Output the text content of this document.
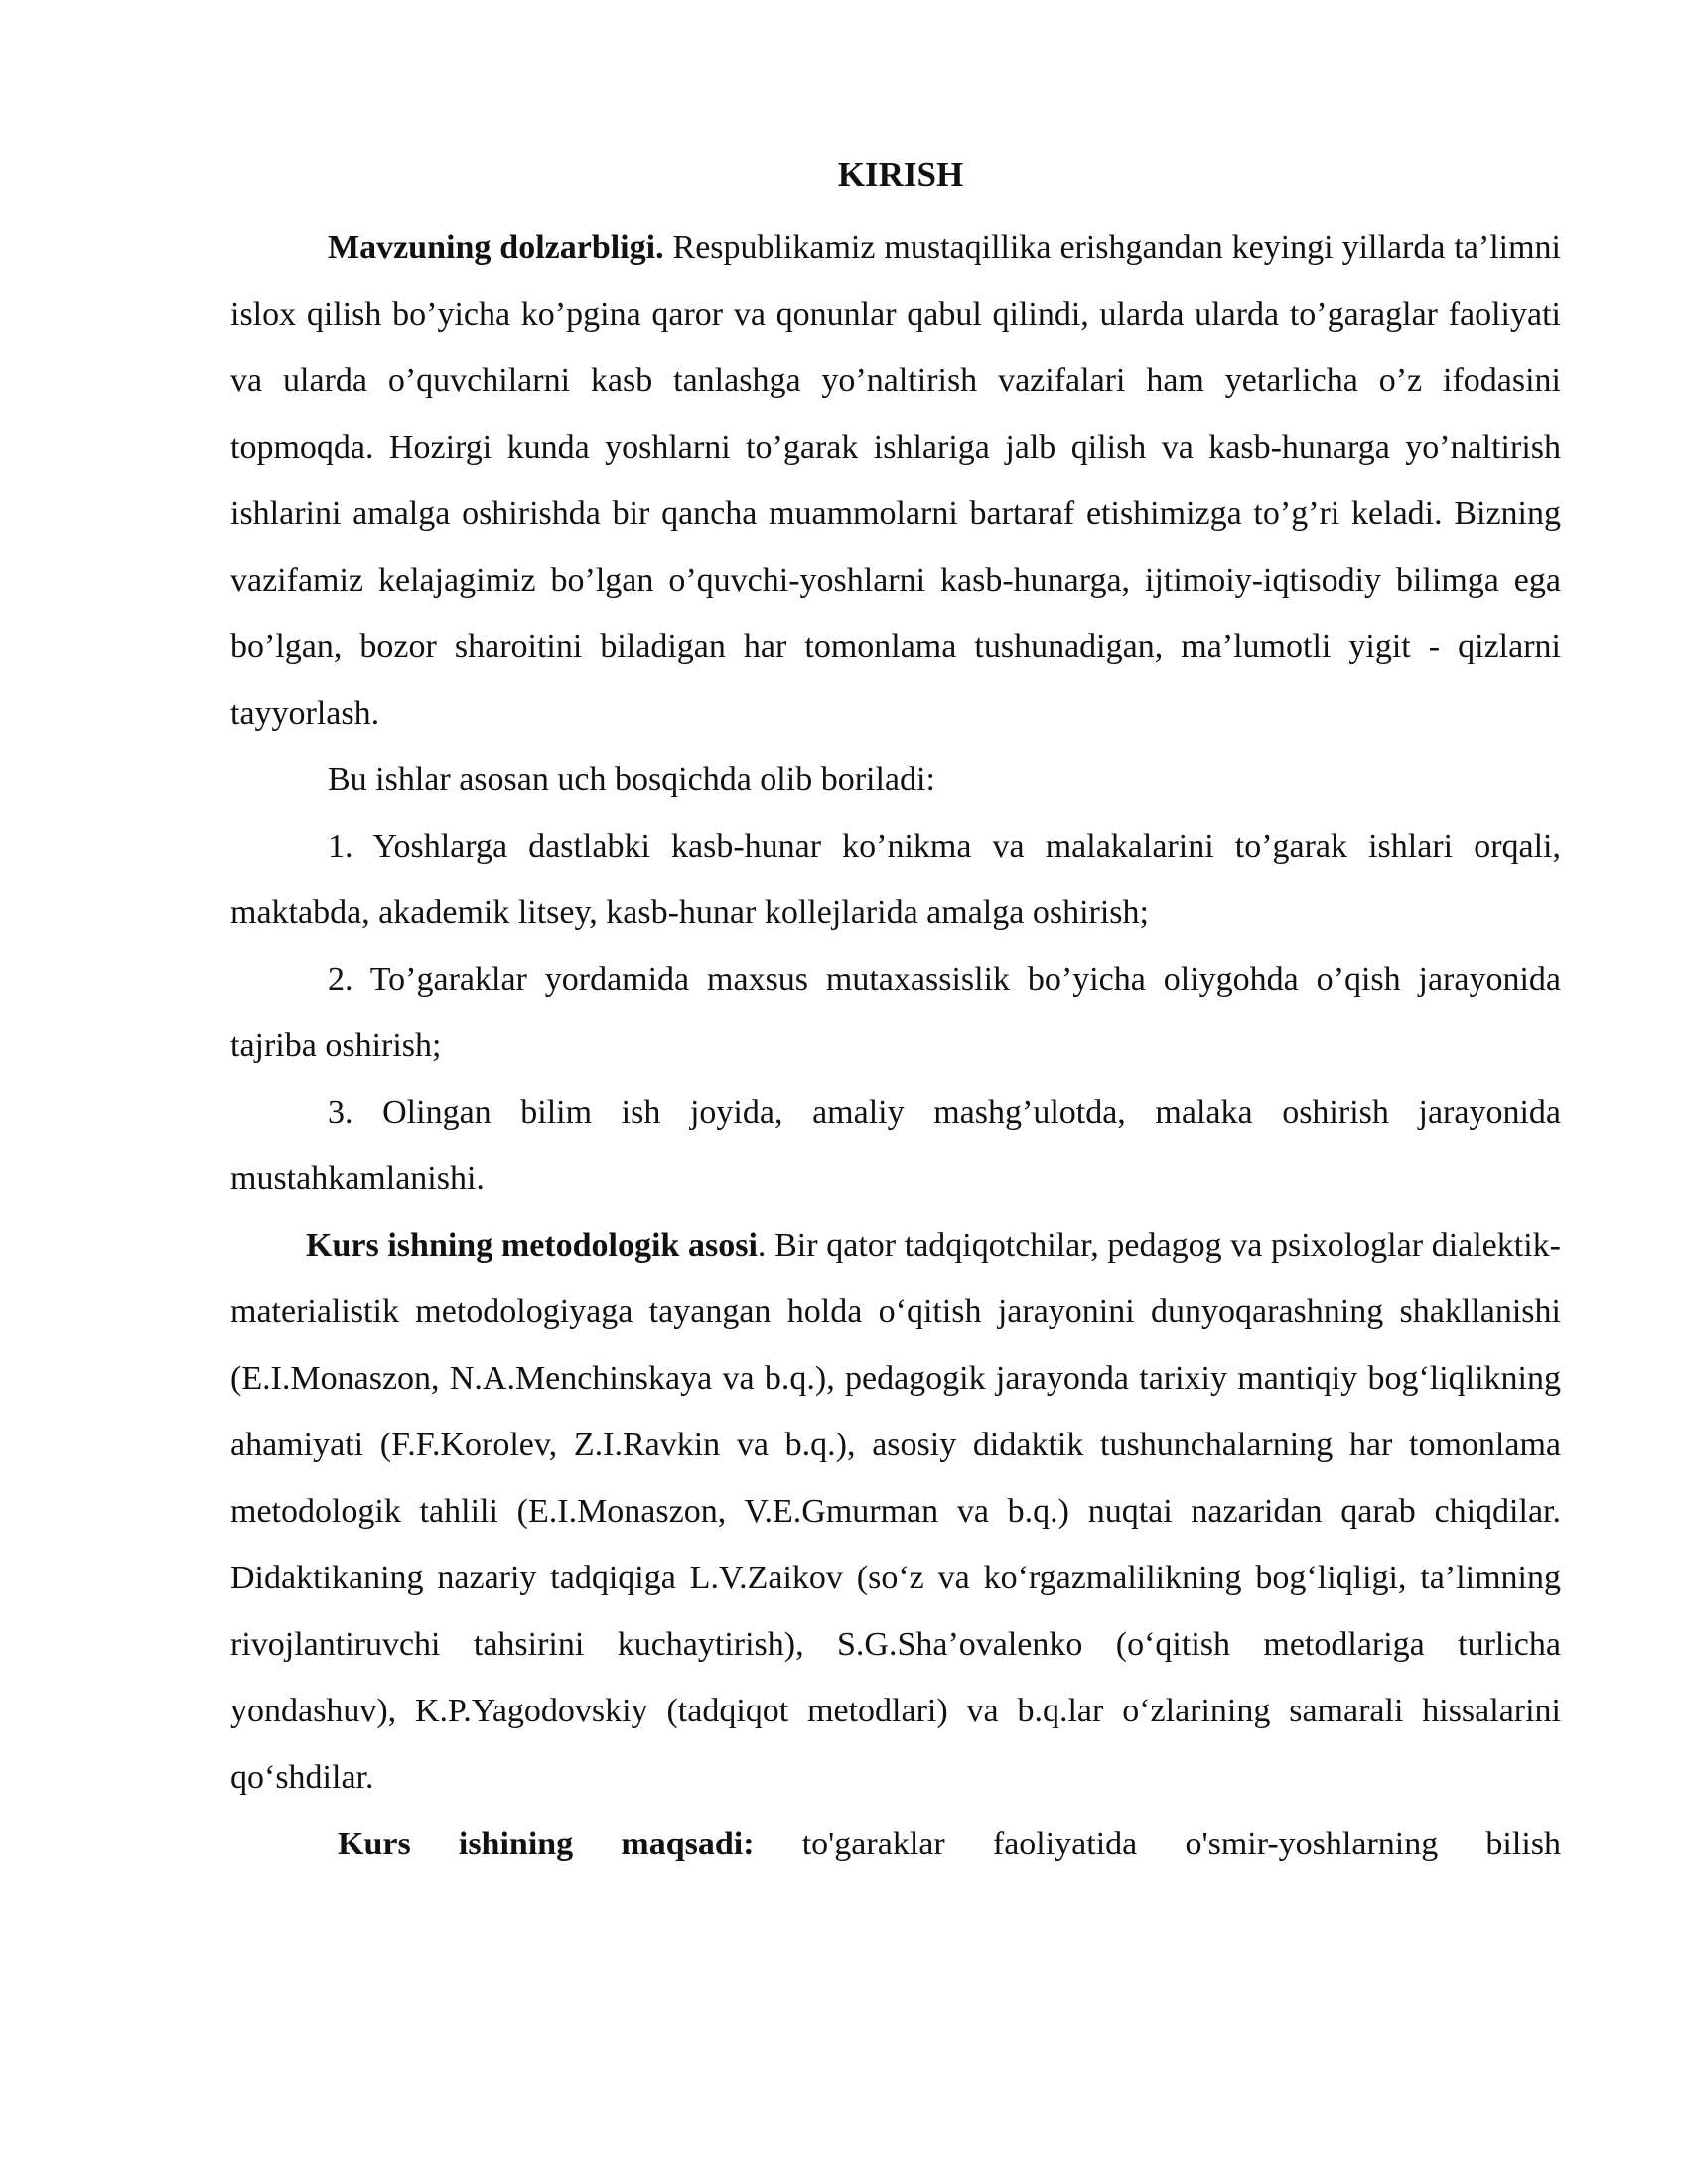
KIRISH

Mavzuning dolzarbligi. Respublikamiz mustaqillika erishgandan keyingi yillarda ta’limni islox qilish bo’yicha ko’pgina qaror va qonunlar qabul qilindi, ularda ularda to’garaglar faoliyati va ularda o’quvchilarni kasb tanlashga yo’naltirish vazifalari ham yetarlicha o’z ifodasini topmoqda. Hozirgi kunda yoshlarni to’garak ishlariga jalb qilish va kasb-hunarga yo’naltirish ishlarini amalga oshirishda bir qancha muammolarni bartaraf etishimizga to’g’ri keladi. Bizning vazifamiz kelajagimiz bo’lgan o’quvchi-yoshlarni kasb-hunarga, ijtimoiy-iqtisodiy bilimga ega bo’lgan, bozor sharoitini biladigan har tomonlama tushunadigan, ma’lumotli yigit - qizlarni tayyorlash.

Bu ishlar asosan uch bosqichda olib boriladi:

1. Yoshlarga dastlabki kasb-hunar ko’nikma va malakalarini to’garak ishlari orqali, maktabda, akademik litsey, kasb-hunar kollejlarida amalga oshirish;

2. To’garaklar yordamida maxsus mutaxassislik bo’yicha oliygohda o’qish jarayonida tajriba oshirish;

3. Olingan bilim ish joyida, amaliy mashg’ulotda, malaka oshirish jarayonida mustahkamlanishi.

Kurs ishning metodologik asosi. Bir qator tadqiqotchilar, pedagog va psixologlar dialektik-materialistik metodologiyaga tayangan holda o‘qitish jarayonini dunyoqarashning shakllanishi (E.I.Monaszon, N.A.Menchinskaya va b.q.), pedagogik jarayonda tarixiy mantiqiy bog‘liqlikning ahamiyati (F.F.Korolev, Z.I.Ravkin va b.q.), asosiy didaktik tushunchalarning har tomonlama metodologik tahlili (E.I.Monaszon, V.E.Gmurman va b.q.) nuqtai nazaridan qarab chiqdilar. Didaktikaning nazariy tadqiqiga L.V.Zaikov (so‘z va ko‘rgazmalilikning bog‘liqligi, ta’limning rivojlantiruvchi tahsirini kuchaytirish), S.G.Sha’ovalenko (o‘qitish metodlariga turlicha yondashuv), K.P.Yagodovskiy (tadqiqot metodlari) va b.q.lar o‘zlarining samarali hissalarini qo‘shdilar.

Kurs ishining maqsadi: to'garaklar faoliyatida o'smir-yoshlarning bilish
